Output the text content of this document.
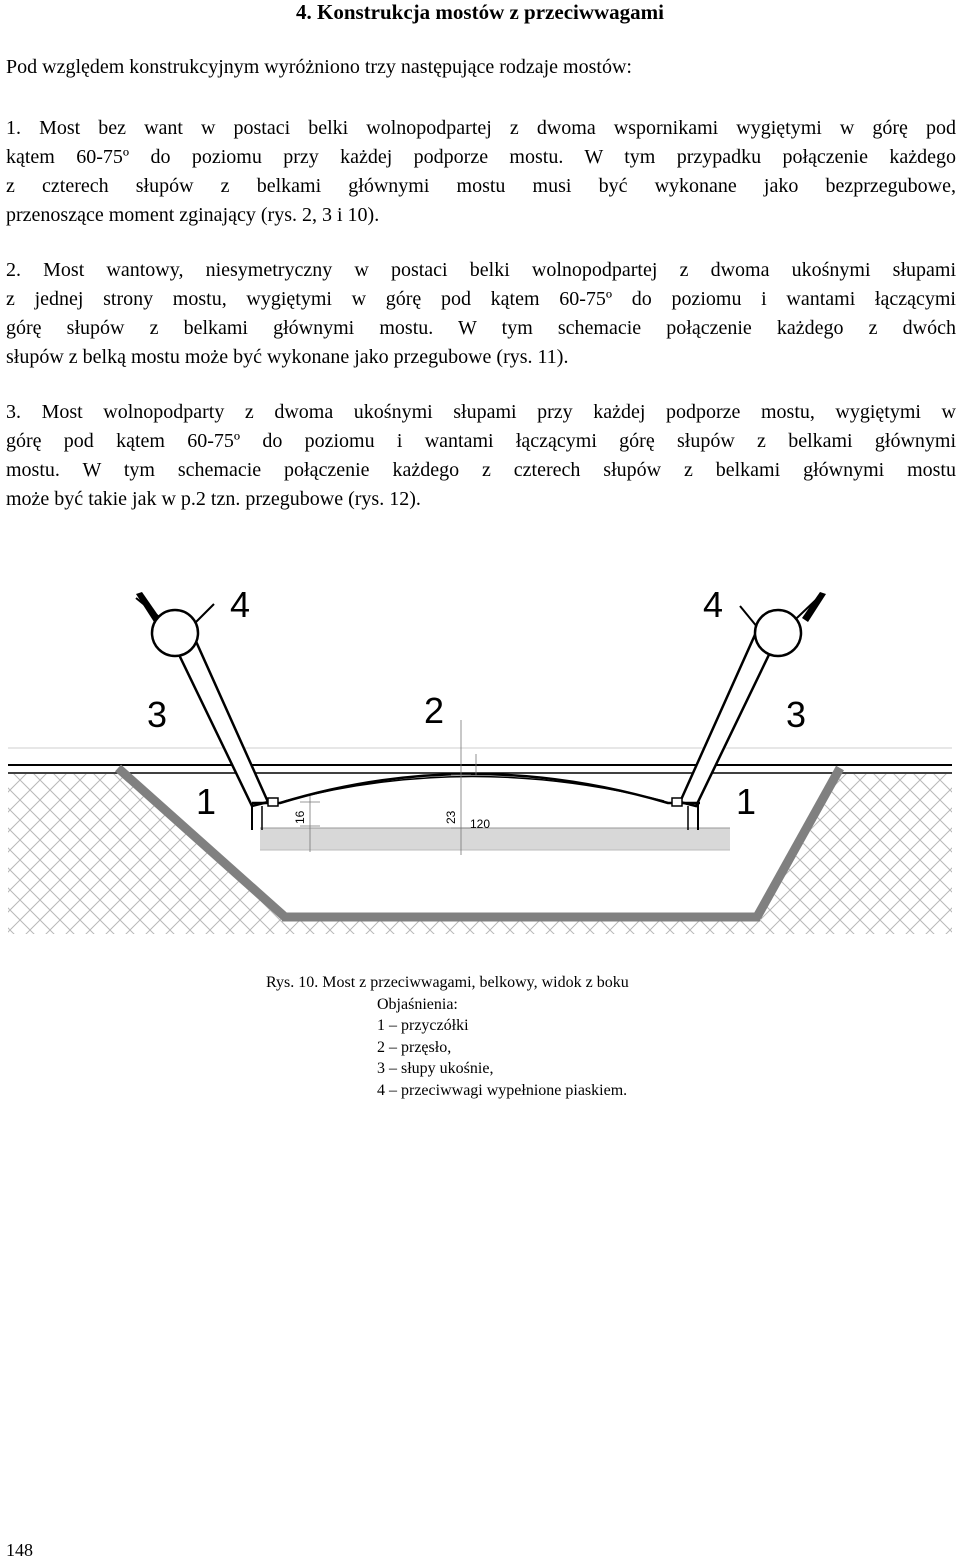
4. Konstrukcja mostów z przeciwwagami
Pod względem konstrukcyjnym wyróżniono trzy następujące rodzaje mostów:
1. Most bez want w postaci belki wolnopodpartej z dwoma wspornikami wygiętymi w górę pod
kątem 60-75º do poziomu przy każdej podporze mostu. W tym przypadku połączenie każdego
z czterech słupów z belkami głównymi mostu musi być wykonane jako bezprzegubowe,
przenoszące moment zginający (rys. 2, 3 i 10).
2. Most wantowy, niesymetryczny w postaci belki wolnopodpartej z dwoma ukośnymi słupami
z jednej strony mostu, wygiętymi w górę pod kątem 60-75º do poziomu i wantami łączącymi
górę słupów z belkami głównymi mostu. W tym schemacie połączenie każdego z dwóch
słupów z belką mostu może być wykonane jako przegubowe (rys. 11).
3. Most wolnopodparty z dwoma ukośnymi słupami przy każdej podporze mostu, wygiętymi w
górę pod kątem 60-75º do poziomu i wantami łączącymi górę słupów z belkami głównymi
mostu. W tym schemacie połączenie każdego z czterech słupów z belkami głównymi mostu
może być takie jak w p.2 tzn. przegubowe (rys. 12).
4	4
3	3
2
1	1
16	23 120
Rys. 10. Most z przeciwwagami, belkowy, widok z boku
Objaśnienia:
1 – przyczółki
2 – przęsło,
3 – słupy ukośnie,
4 – przeciwwagi wypełnione piaskiem.
148
